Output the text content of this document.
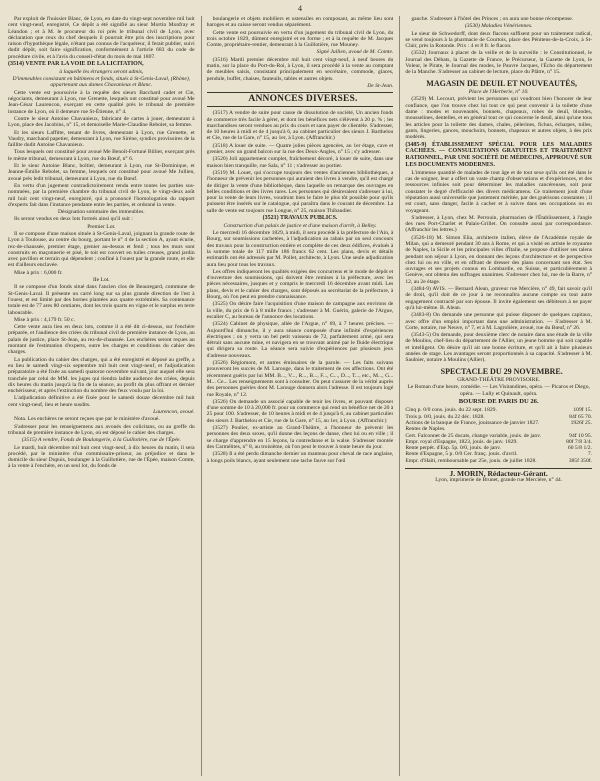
4
Par exploit de l'huissier Blanc, de Lyon, en date du vingt-sept novembre mil huit cent vingt-neuf, enregistré, Ce dépôt a été signifié au sieur Mortin Monfray et Léandon ; et à M. le procureur du roi près le tribunal civil de Lyon, avec déclaration que ceux du chef desquels il pourrait être pris des inscriptions pour raison d'hypothèque légale, n'étant pas connus de l'acquéreur, il ferait publier, suivi dudit dépôt, soit faire signification, conformément à l'article 683 du code de procédure civile, et à l'avis du conseil-d'état du mois de mai 1807.
(3514) VENTE PAR LA VOIE DE LA LICITATION,
à laquelle les étrangers seront admis,
D'immeubles consistant en bâtimens et fonds, situés à St-Genis-Laval, (Rhône), appartenant aux dames Chavanieux et Blanc.
Cette vente est poursuivie à la requête des sieurs Bacchard cadet et Cie, négociants, demeurant à Lyon, rue Grenette, lesquels ont constitué pour avoué Me Jean-César Laurencon, exerçant en cette qualité près le tribunal de première instance de Lyon, où il demeure rue St-Étienne, n° 4.
Contre le sieur Antoine Chavanieux, fabricant de cartes à jouer, demeurant à Lyon, place des Jacobins, n° 15, et demoiselle Marie-Claudine Rebolet, sa femme.
Et les sieurs Laffitte, tenant de livres, demeurant à Lyon, rue Grenette, et Vaudry, marchand papetier, demeurant à Lyon, rue Sirène, syndics provisoires de la faillite dudit Antoine Chavanieux.
Tous lesquels ont constitué pour avoué Me Benoît-Fortuné Billiet, exerçant près le même tribunal, demeurant à Lyon, rue du Bœuf, n° 6.
Et le sieur Antoine Blanc, boîtier, demeurant à Lyon, rue St-Dominique, et Jeanne-Émilie Rebolet, sa femme, lesquels ont constitué pour avoué Me Jullien, avoué près ledit tribunal, demeurant à Lyon, rue du Bœuf.
En vertu d'un jugement contradictoirement rendu entre toutes les parties sus-nommées, par la première chambre du tribunal civil de Lyon, le vingt-deux août mil huit cent vingt-neuf, enregistré, qui a prononcé l'homologation du rapport d'experts fait dans l'instance pendante entre les parties, et ordonné la vente.
Désignation sommaire des immeubles.
Ils seront vendus en deux lots formés ainsi qu'il suit :
Premier Lot.
Il se compose d'une maison située à St-Genis-Laval, joignant la grande route de Lyon à Toulouse, au centre du bourg, portant le n° 4 de la section A, ayant écurie, rez-de-chaussée, premier étage, grenier au-dessus et fenil ; tous les murs sont construits en maçonnerie et pisé, le toit est couvert en tuiles creuses, grand jardin avec pavillon et terrain qui dépendent ; confiné à l'ouest par la grande route, et elle est d'ailleurs enclavée.
Mise à prix : 6,000 fr.
IIe Lot.
Il se compose d'un fonds situé dans l'ancien clos de Beauregard, commune de St-Genis-Laval. Il présente un carré long sur sa plus grande direction de l'est à l'ouest, et est limité par des bornes plantées aux quatre extrémités. Sa contenance totale est de 77 ares 80 centiares, dont les trois quarts en vigne et le surplus en terre labourable.
Mise à prix : 4,179 fr. 50 c.
Cette vente aura lieu en deux lots, comme il a été dit ci-dessus, sur l'enchère préparée, et l'audience des criées du tribunal civil de première instance de Lyon, au palais de justice, place St-Jean, au rez-de-chaussée. Les enchères seront reçues au montant de l'estimation d'experts, outre les charges et conditions du cahier des charges.
La publication du cahier des charges, qui a été enregistré et déposé au greffe, a eu lieu le samedi vingt-six septembre mil huit cent vingt-neuf, et l'adjudication préparatoire a été fixée au samedi quatorze novembre suivant, jour auquel elle sera tranchée par celui de MM. les juges qui tiendra ladite audience des criées, depuis dix heures du matin jusqu'à la fin de la séance, au profit du plus offrant et dernier enchérisseur, et après l'extinction du nombre des feux voulu par la loi.
L'adjudication définitive a été fixée pour le samedi douze décembre mil huit cent vingt-neuf, lieu et heure susdits.
Laurencon, avoué.
Nota. Les enchères ne seront reçues que par le ministère d'avoué.
S'adresser pour les renseignemens aux avoués des colicitans, ou au greffe du tribunal de première instance de Lyon, où est déposé le cahier des charges.
(3515) A vendre, Fonds de Boulangerie, à la Guillotière, rue de l'Épée.
Le mardi, huit décembre mil huit cent vingt-neuf, à dix heures du matin, il sera procédé, par le ministère d'un commissaire-priseur, au préjudice et dans le domicile du sieur Dupuis, boulanger à la Guillotière, rue de l'Épée, maison Comte, à la vente à l'enchère, en un seul lot, du fonds de
boulangerie et objets mobiliers et ustensiles en composant, au même lieu sont baroges et au caisse seront vendus séparément.
Cette vente est poursuivie en vertu d'un jugement du tribunal civil de Lyon, du trois octobre 1829, dûment enregistré et en forme ; et à la requête de M. Jacques Comte, propriétaire-rentier, demeurant à la Guillotière, rue Mouney.
Signé Jullien, avoué de M. Comte.
(3516) Mardi premier décembre mil huit cent vingt-neuf, à neuf heures du matin, sur la place du Port-du-Roi, à Lyon, il sera procédé à la vente au comptant de meubles saisis, consistant principalement en secrétaire, commode, glaces, pendule, buffet, chaises, fauteuils, tables et autres objets.
De St-Jean.
ANNONCES DIVERSES.
(3517) A vendre de suite pour cause de dissolution de société, Un ancien fonds de commerce très facile à gérer, et dont les bénéfices nets s'élèvent à 20 p. % ; les marchandises seront vendues au prix du cours et sans payer de clientèle. S'adresser, de 10 heures à midi et de 4 jusqu'à 6, au cabinet particulier des sieurs J. Barthelou et Cie, rue de la Gare, n° 15, au 1er, à Lyon. (Affranchir.)
(3518) A louer de suite. — Quatre jolies pièces agencées, au 1er étage, cave et grenier, avec un grand balcon sur la rue des Deux-Angles, n° 15 ; s'y adresser.
(3520) Joli appartement complet, fraîchement décoré, à louer de suite, dans une maison bien tranquille, rue Sala, n° 11 ; s'adresser au portier.
(3519) M. Louet, qui s'occupe toujours des ventes d'anciennes bibliothèques, a l'honneur de prévenir les personnes qui auraient des livres à vendre, qu'il est chargé de diriger la vente d'une bibliothèque, dans laquelle on remarque des ouvrages en belles conditions et des livres rares. Les personnes qui désireraient s'adresser à lui, pour la vente de leurs livres, voudront bien le faire le plus tôt possible pour qu'ils puissent être insérés sur le catalogue, qui paraîtra dans le courant de décembre. La salle de vente est toujours rue Longue, n° 25, maison Thibaudier.
(3521) TRAVAUX PUBLICS.
Construction d'un palais de justice et d'une maison d'arrêt, à Belley.
Le mercredi 16 décembre 1829, à midi, il sera procédé à la préfecture de l'Ain, à Bourg, sur soumissions cachetées, à l'adjudication au rabais par un seul concours des travaux pour la construction entière et complète de ces deux édifices, évalués à la somme totale de 117 mille 186 francs 62 cent. Les plans, devis et détails estimatifs ont été adressés par M. Pollet, architecte, à Lyon. Une seule adjudication aura lieu pour tous les travaux.
Les offres indiqueront les qualités exigées des concurrens et le mode de dépôt et d'ouverture des soumissions, qui doivent être remises à la préfecture, avec les pièces nécessaires, jusques et y compris le mercredi 16 décembre avant midi. Les plans, devis et le cahier des charges, sont déposés au secrétariat de la préfecture, à Bourg, où l'on peut en prendre connaissance.
(3525) On désire faire l'acquisition d'une maison de campagne aux environs de la ville, du prix de 6 à 8 mille francs ; s'adresser à M. Guérin, galerie de l'Argue, escalier C, au bureau de l'annonce des locations.
(3524) Cabinet de physique, allée de l'Argue, n° 69, à 7 heures précises. — Aujourd'hui dimanche, il y aura séance composée d'une infinité d'expériences électriques ; on y verra un bel petit vaisseau de 72, parfaitement armé, qui sera détruit sans aucune mine, et navigera en se trouvant animé par le fluide électrique qui dirigera sa route. La séance sera suivie d'expériences par plusieurs jeux d'adresse nouveaux.
(3526) Régiomont, et autres émissaires de la parole. — Les faits suivans prouveront les succès de M. Larouge, dans le traitement de ces affections. Ont été récemment guéris par lui MM. B..., V..., R..., B..., F..., C..., D..., T..., etc., M..., G... M... Ce... Les renseignements sont à consulter. On peut s'assurer de la vérité auprès des personnes guéries dont M. Larouge donnera alors l'adresse. Il est toujours logé rue Royale, n° 12.
(3526) On demande un associé capable de tenir les livres, et pouvant disposer d'une somme de 10 à 20,000 fr. pour un commerce qui rend un bénéfice net de 20 à 25 pour 100. S'adresser, de 10 heures à midi et de 4 jusqu'à 6, au cabinet particulier des sieurs J. Barthelou et Cie, rue de la Gare, n° 15, au 1er, à Lyon. (Affranchir.)
(3527) Poulier, ex-artiste au Grand-Théâtre, a l'honneur de prévenir les personnes des deux sexes, qu'il donne des leçons de danse, chez lui ou en ville ; il se charge d'apprendre en 15 leçons, la contredanse et la walse. S'adresser montée des Carmélites, n° 8, au troisième, où l'on peut le trouver à toute heure du jour.
(3528) Il a été perdu dimanche dernier un manteau pour cheval de race anglaise, à longs poils blancs, ayant seulement une tache fauve sur l'œil
gauche. S'adresser à l'hôtel des Princes ; on aura une bonne récompense.
(3530) Maladies Vénériennes.
Le sieur de Schwedorff, dont deux flacons suffisent pour un traitement radical, se vend toujours à la pharmacie de Courtois, place des Pénitens-de-la-Croix, à St-Clair, près la Rotonde. Prix : 4 et 8 fr. le flacon.
(3532) Journaux à placer de la veille et de la surveille : le Constitutionnel, le Journal des Débats, la Gazette de France, le Précurseur, la Gazette de Lyon, le Voleur, le Pirate, le Journal des modes, le Pauvre Jacques, l'Écho du département de la Manche. S'adresser au cabinet de lecture, place du Plâtre, n° 15.
MAGASIN DE DEUIL ET NOUVEAUTÉS,
Place de l'Herberie, n° 10.
(3529) M. Lecourt, prévient les personnes qui voudront bien l'honorer de leur confiance, que l'on trouve chez lui tout ce qui peut convenir à la toilette d'une dame : modes et nouveautés, bonnets, chapeaux, robes de deuil, blondes, mousselines, dentelles, et en général tout ce qui concerne le deuil, ainsi qu'une tous les articles pour la toilette des dames, chales, pèlerines, fichus, écharpes, tulles, gants, lingeries, gances, mouchoirs, bonnets, chapeaux et autres objets, à des prix modérés.
(3485-9) ÉTABLISSEMENT SPÉCIAL POUR LES MALADIES CACHÉES. — CONSULTATIONS GRATUITES ET TRAITEMENT RATIONNEL, PAR UNE SOCIÉTÉ DE MÉDECINS, APPROUVÉ SUR LES DOCUMENTS MODERNES.
L'immense quantité de malades de tout âge et de tout sexe qu'ils ont été dans le cas de soigner, leur a offert un vaste champ d'observations et d'expériences, et des ressources infinies soit pour déterminer les maladies cancéreuses, soit pour constater le degré d'efficacité des divers médicamens. Ce traitement jouit d'une réputation aussi universelle que justement méritée, par des guérisons constantes ; il est court, sans danger, facile à cacher et à suivre dans ses occupations ou en voyageant.
S'adresser, à Lyon, chez M. Perrouin, pharmacien de l'Établissement, à l'angle des rues Port-Charlet et Palais-Grillet. On consulte aussi par correspondance. (Affranchir les lettres.)
(3526-18) M. Simon Elia, architecte italien, élève de l'Académie royale de Milan, qui a demeuré pendant 30 ans à Rome, et qui a visité en artiste le royaume de Naples, la Sicile et les principales villes d'Italie, se propose d'utiliser ses talens pendant son séjour à Lyon, en donnant des leçons d'architecture et de perspective chez lui ou en ville, et en offrant de dresser des plans concernant son état. Ses ouvrages et ses projets connus en Lombardie, en Suisse, et particulièrement à Genève, ont obtenu des suffrages unanimes. S'adresser chez lui, rue de la Barre, n° 12, au 2e étage.
(3484-9) AVIS. — Bernard Alean, graveur rue Mercière, n° 49, fait savoir qu'il de droit, qu'il doit de ce jour à ne reconnaîtra aucune compte ou tout autre engagement contracté par son épouse. Il invite également ses débiteurs à ne payer qu'à lui-même. B. Alean.
(3483-8) On demande une personne qui puisse disposer de quelques capitaux, avec offre d'un emploi important dans une administration. — S'adresser à M. Corte, notaire, rue Neuve, n° 7, et à M. Lagrolière, avoué, rue du Bœuf, n° 26.
(3543-5) On demande, pour deuxième clerc de notaire dans une étude de la ville de Moulins, chef-lieu du département de l'Allier, un jeune homme qui soit capable et intelligent. On désire qu'il ait une bonne écriture, et qu'il ait à faire plusieurs années de stage. Les avantages seront proportionnés à sa capacité. S'adresser à M. Saulnier, notaire à Moulins (Allier).
SPECTACLE DU 29 NOVEMBRE.
GRAND-THÉÂTRE PROVISOIRE.
Le Roman d'une heure, comédie. — Les Visitandines, opéra. — Picaros et Diego, opéra. — Lully et Quinault, opéra.
BOURSE DE PARIS DU 26.
Cinq p. 0/0 cons. jouis. du 22 sept. 1829.	109f 15.
Trois p. 0/0, jouis. du 22 déc. 1828.	84f 65 70.
Actions de la banque de France, jouissance de janvier 1827.	1926f 25.
Rentes de Naples.
Cert. Falconnet de 25 ducats, change variable, jouis. de janv.	94f 10 95.
Empr. royal d'Espagne, 1823, jouis. de janv. 1829.	80f 7/8 3/4.
Rente perpét. d'Esp. 5p. 0/0, jouis. de janv.	60 5/8 1/2.
Rente d'Espagne, 5 p. 0/0 Cer. franç. jouis. d'avril.	7.
Empr. d'Haïti, remboursable par 25e, jouis. de juillet 1828.	385f 350f.
J. MORIN, Rédacteur-Gérant.
Lyon, imprimerie de Brunet, grande rue Mercière, n° 44.
